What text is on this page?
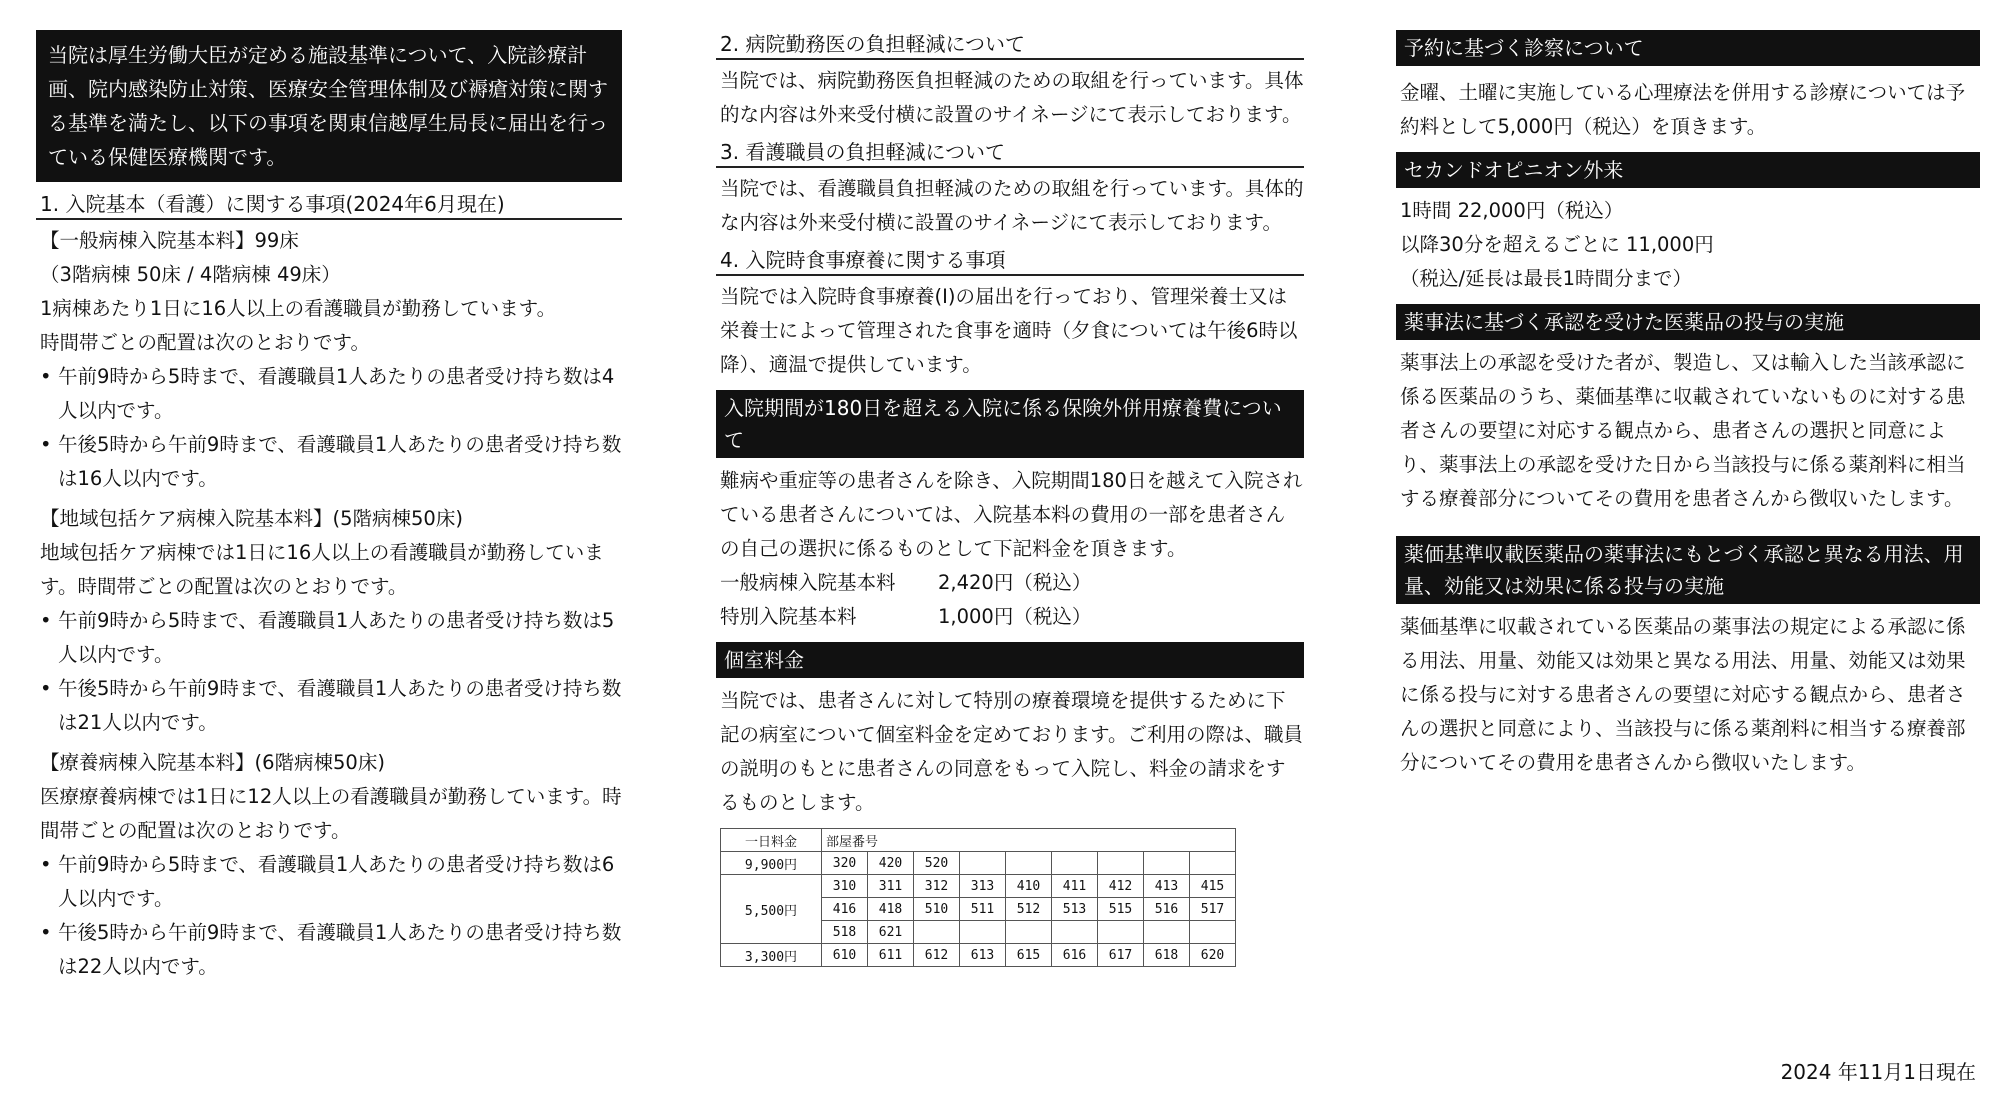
当院は厚生労働大臣が定める施設基準について、入院診療計画、院内感染防止対策、医療安全管理体制及び褥瘡対策に関する基準を満たし、以下の事項を関東信越厚生局長に届出を行っている保健医療機関です。
1. 入院基本（看護）に関する事項(2024年6月現在)

【一般病棟入院基本料】99床

（3階病棟 50床 / 4階病棟 49床）

1病棟あたり1日に16人以上の看護職員が勤務しています。

時間帯ごとの配置は次のとおりです。

• 午前9時から5時まで、看護職員1人あたりの患者受け持ち数は4人以内です。
• 午後5時から午前9時まで、看護職員1人あたりの患者受け持ち数は16人以内です。

【地域包括ケア病棟入院基本料】(5階病棟50床)

地域包括ケア病棟では1日に16人以上の看護職員が勤務しています。時間帯ごとの配置は次のとおりです。

• 午前9時から5時まで、看護職員1人あたりの患者受け持ち数は5人以内です。
• 午後5時から午前9時まで、看護職員1人あたりの患者受け持ち数は21人以内です。

【療養病棟入院基本料】(6階病棟50床)

医療療養病棟では1日に12人以上の看護職員が勤務しています。時間帯ごとの配置は次のとおりです。

• 午前9時から5時まで、看護職員1人あたりの患者受け持ち数は6人以内です。
• 午後5時から午前9時まで、看護職員1人あたりの患者受け持ち数は22人以内です。
2. 病院勤務医の負担軽減について

当院では、病院勤務医負担軽減のための取組を行っています。具体的な内容は外来受付横に設置のサイネージにて表示しております。

3. 看護職員の負担軽減について

当院では、看護職員負担軽減のための取組を行っています。具体的な内容は外来受付横に設置のサイネージにて表示しております。

4. 入院時食事療養に関する事項

当院では入院時食事療養(Ⅰ)の届出を行っており、管理栄養士又は栄養士によって管理された食事を適時（夕食については午後6時以降）、適温で提供しています。

入院期間が180日を超える入院に係る保険外併用療養費について

難病や重症等の患者さんを除き、入院期間180日を越えて入院されている患者さんについては、入院基本料の費用の一部を患者さんの自己の選択に係るものとして下記料金を頂きます。

一般病棟入院基本料	2,420円（税込）
特別入院基本料	1,000円（税込）
個室料金

当院では、患者さんに対して特別の療養環境を提供するために下記の病室について個室料金を定めております。ご利用の際は、職員の説明のもとに患者さんの同意をもって入院し、料金の請求をするものとします。

一日料金	部屋番号								
9,900円	320	420	520						
5,500円	310	311	312	313	410	411	412	413	415
	416	418	510	511	512	513	515	516	517
	518	621							
3,300円	610	611	612	613	615	616	617	618	620
予約に基づく診察について

金曜、土曜に実施している心理療法を併用する診療については予約料として5,000円（税込）を頂きます。

セカンドオピニオン外来

1時間 22,000円（税込）

以降30分を超えるごとに 11,000円

（税込/延長は最長1時間分まで）

薬事法に基づく承認を受けた医薬品の投与の実施

薬事法上の承認を受けた者が、製造し、又は輸入した当該承認に係る医薬品のうち、薬価基準に収載されていないものに対する患者さんの要望に対応する観点から、患者さんの選択と同意により、薬事法上の承認を受けた日から当該投与に係る薬剤料に相当する療養部分についてその費用を患者さんから徴収いたします。

薬価基準収載医薬品の薬事法にもとづく承認と異なる用法、用量、効能又は効果に係る投与の実施

薬価基準に収載されている医薬品の薬事法の規定による承認に係る用法、用量、効能又は効果と異なる用法、用量、効能又は効果に係る投与に対する患者さんの要望に対応する観点から、患者さんの選択と同意により、当該投与に係る薬剤料に相当する療養部分についてその費用を患者さんから徴収いたします。

2024 年11月1日現在
